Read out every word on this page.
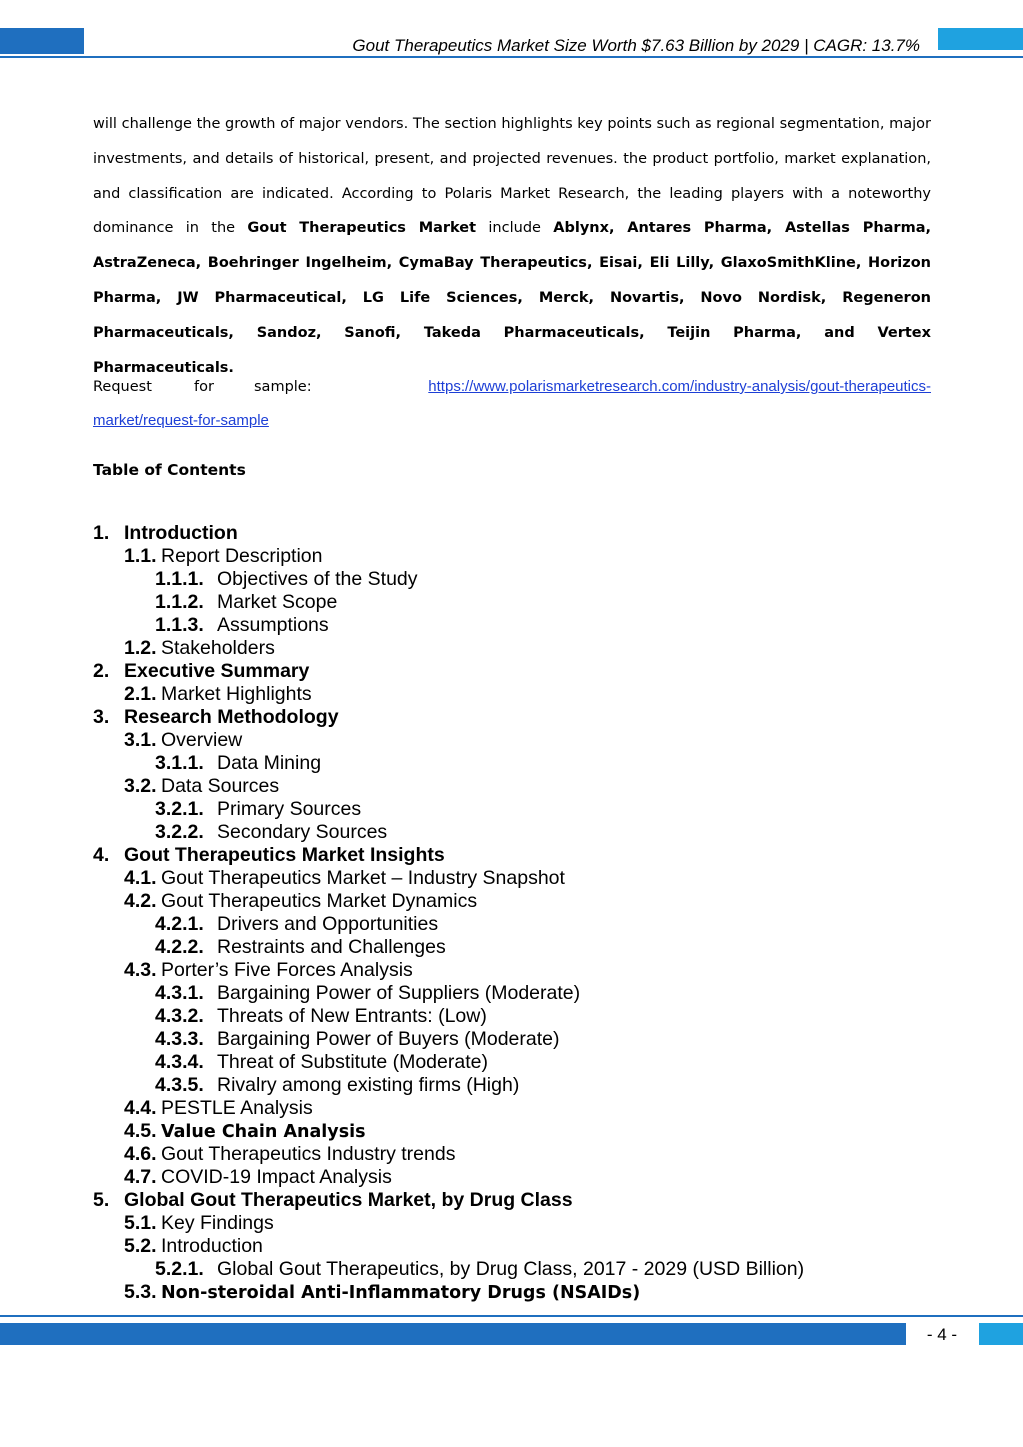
Gout Therapeutics Market Size Worth $7.63 Billion by 2029 | CAGR: 13.7%
will challenge the growth of major vendors. The section highlights key points such as regional segmentation, major investments, and details of historical, present, and projected revenues. the product portfolio, market explanation, and classification are indicated. According to Polaris Market Research, the leading players with a noteworthy dominance in the Gout Therapeutics Market include Ablynx, Antares Pharma, Astellas Pharma, AstraZeneca, Boehringer Ingelheim, CymaBay Therapeutics, Eisai, Eli Lilly, GlaxoSmithKline, Horizon Pharma, JW Pharmaceutical, LG Life Sciences, Merck, Novartis, Novo Nordisk, Regeneron Pharmaceuticals, Sandoz, Sanofi, Takeda Pharmaceuticals, Teijin Pharma, and Vertex Pharmaceuticals.
Request	for	sample:	https://www.polarismarketresearch.com/industry-analysis/gout-therapeutics-
market/request-for-sample
Table of Contents
1. Introduction
1.1. Report Description
1.1.1. Objectives of the Study
1.1.2. Market Scope
1.1.3. Assumptions
1.2. Stakeholders
2. Executive Summary
2.1. Market Highlights
3. Research Methodology
3.1. Overview
3.1.1. Data Mining
3.2. Data Sources
3.2.1. Primary Sources
3.2.2. Secondary Sources
4. Gout Therapeutics Market Insights
4.1. Gout Therapeutics Market – Industry Snapshot
4.2. Gout Therapeutics Market Dynamics
4.2.1. Drivers and Opportunities
4.2.2. Restraints and Challenges
4.3. Porter’s Five Forces Analysis
4.3.1. Bargaining Power of Suppliers (Moderate)
4.3.2. Threats of New Entrants: (Low)
4.3.3. Bargaining Power of Buyers (Moderate)
4.3.4. Threat of Substitute (Moderate)
4.3.5. Rivalry among existing firms (High)
4.4. PESTLE Analysis
4.5. Value Chain Analysis
4.6. Gout Therapeutics Industry trends
4.7. COVID-19 Impact Analysis
5. Global Gout Therapeutics Market, by Drug Class
5.1. Key Findings
5.2. Introduction
5.2.1. Global Gout Therapeutics, by Drug Class, 2017 - 2029 (USD Billion)
5.3. Non-steroidal Anti-Inflammatory Drugs (NSAIDs)
- 4 -
